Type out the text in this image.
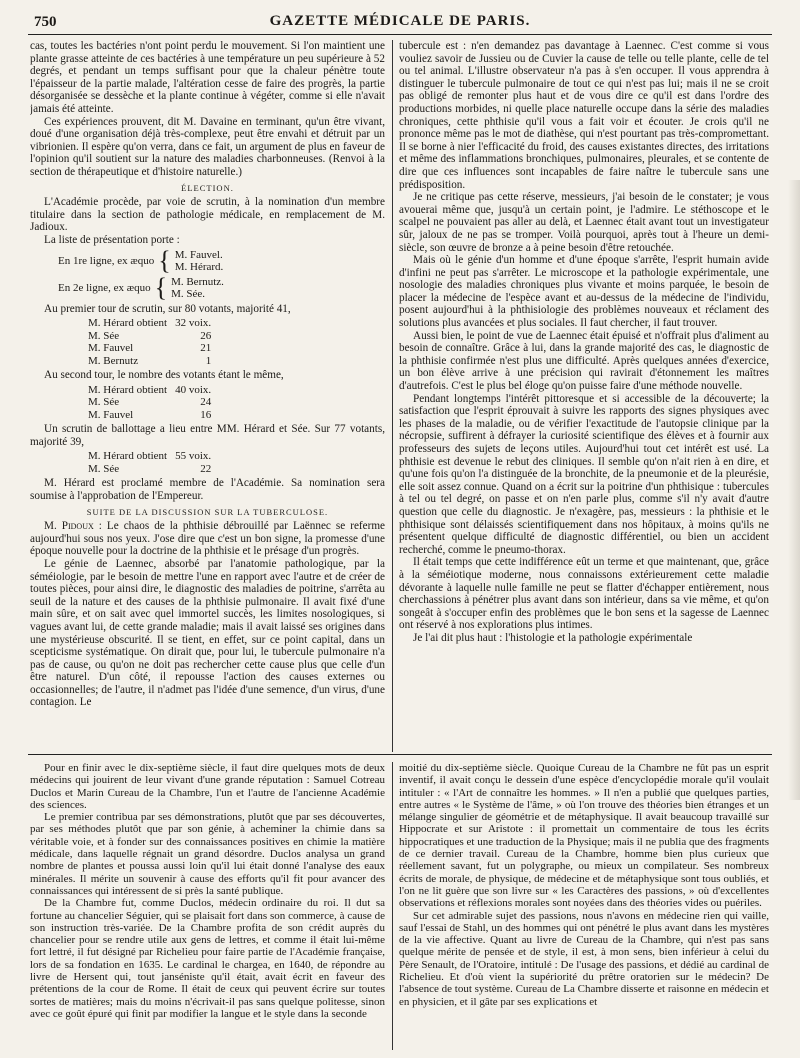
750	GAZETTE MÉDICALE DE PARIS.

cas, toutes les bactéries n'ont point perdu le mouvement. Si l'on maintient une plante grasse atteinte de ces bactéries à une température un peu supérieure à 52 degrés, et pendant un temps suffisant pour que la chaleur pénètre toute l'épaisseur de la partie malade, l'altération cesse de faire des progrès, la partie désorganisée se dessèche et la plante continue à végéter, comme si elle n'avait jamais été atteinte.

Ces expériences prouvent, dit M. Davaine en terminant, qu'un être vivant, doué d'une organisation déjà très-complexe, peut être envahi et détruit par un vibrionien. Il espère qu'on verra, dans ce fait, un argument de plus en faveur de l'opinion qu'il soutient sur la nature des maladies charbonneuses. (Renvoi à la section de thérapeutique et d'histoire naturelle.)

ÉLECTION.

L'Académie procède, par voie de scrutin, à la nomination d'un membre titulaire dans la section de pathologie médicale, en remplacement de M. Jadioux.

La liste de présentation porte :

En 1re ligne, ex æquo { M. Fauvel.
M. Hérard.
En 2e ligne, ex æquo { M. Bernutz.
M. Sée.

Au premier tour de scrutin, sur 80 votants, majorité 41,

M. Hérard obtient	32 voix.
M. Sée	26
M. Fauvel	21
M. Bernutz	1

Au second tour, le nombre des votants étant le même,

M. Hérard obtient	40 voix.
M. Sée	24
M. Fauvel	16

Un scrutin de ballottage a lieu entre MM. Hérard et Sée. Sur 77 votants, majorité 39,

M. Hérard obtient	55 voix.
M. Sée	22

M. Hérard est proclamé membre de l'Académie. Sa nomination sera soumise à l'approbation de l'Empereur.

SUITE DE LA DISCUSSION SUR LA TUBERCULOSE.

M. Pidoux : Le chaos de la phthisie débrouillé par Laënnec se referme aujourd'hui sous nos yeux. J'ose dire que c'est un bon signe, la promesse d'une époque nouvelle pour la doctrine de la phthisie et le présage d'un progrès.

Le génie de Laennec, absorbé par l'anatomie pathologique, par la séméiologie, par le besoin de mettre l'une en rapport avec l'autre et de créer de toutes pièces, pour ainsi dire, le diagnostic des maladies de poitrine, s'arrêta au seuil de la nature et des causes de la phthisie pulmonaire. Il avait fixé d'une main sûre, et on sait avec quel immortel succès, les limites nosologiques, si vagues avant lui, de cette grande maladie; mais il avait laissé ses origines dans une mystérieuse obscurité. Il se tient, en effet, sur ce point capital, dans un scepticisme systématique. On dirait que, pour lui, le tubercule pulmonaire n'a pas de cause, ou qu'on ne doit pas rechercher cette cause plus que celle d'un être naturel. D'un côté, il repousse l'action des causes externes ou occasionnelles; de l'autre, il n'admet pas l'idée d'une semence, d'un virus, d'une contagion. Le

tubercule est : n'en demandez pas davantage à Laennec. C'est comme si vous vouliez savoir de Jussieu ou de Cuvier la cause de telle ou telle plante, celle de tel ou tel animal. L'illustre observateur n'a pas à s'en occuper. Il vous apprendra à distinguer le tubercule pulmonaire de tout ce qui n'est pas lui; mais il ne se croit pas obligé de remonter plus haut et de vous dire ce qu'il est dans l'ordre des productions morbides, ni quelle place naturelle occupe dans la série des maladies chroniques, cette phthisie qu'il vous a fait voir et écouter. Je crois qu'il ne prononce même pas le mot de diathèse, qui n'est pourtant pas très-compromettant. Il se borne à nier l'efficacité du froid, des causes existantes directes, des irritations et même des inflammations bronchiques, pulmonaires, pleurales, et se contente de dire que ces influences sont incapables de faire naître le tubercule sans une prédisposition.

Je ne critique pas cette réserve, messieurs, j'ai besoin de le constater; je vous avouerai même que, jusqu'à un certain point, je l'admire. Le stéthoscope et le scalpel ne pouvaient pas aller au delà, et Laennec était avant tout un investigateur sûr, jaloux de ne pas se tromper. Voilà pourquoi, après tout à l'heure un demi-siècle, son œuvre de bronze a à peine besoin d'être retouchée.

Mais où le génie d'un homme et d'une époque s'arrête, l'esprit humain avide d'infini ne peut pas s'arrêter. Le microscope et la pathologie expérimentale, une nosologie des maladies chroniques plus vivante et moins parquée, le besoin de placer la médecine de l'espèce avant et au-dessus de la médecine de l'individu, posent aujourd'hui à la phthisiologie des problèmes nouveaux et réclament des solutions plus avancées et plus sociales. Il faut chercher, il faut trouver.

Aussi bien, le point de vue de Laennec était épuisé et n'offrait plus d'aliment au besoin de connaître. Grâce à lui, dans la grande majorité des cas, le diagnostic de la phthisie confirmée n'est plus une difficulté. Après quelques années d'exercice, un bon élève arrive à une précision qui ravirait d'étonnement les maîtres d'autrefois. C'est le plus bel éloge qu'on puisse faire d'une méthode nouvelle.

Pendant longtemps l'intérêt pittoresque et si accessible de la découverte; la satisfaction que l'esprit éprouvait à suivre les rapports des signes physiques avec les phases de la maladie, ou de vérifier l'exactitude de l'autopsie clinique par la nécropsie, suffirent à défrayer la curiosité scientifique des élèves et à fournir aux professeurs des sujets de leçons utiles. Aujourd'hui tout cet intérêt est usé. La phthisie est devenue le rebut des cliniques. Il semble qu'on n'ait rien à en dire, et qu'une fois qu'on l'a distinguée de la bronchite, de la pneumonie et de la pleurésie, elle soit assez connue. Quand on a écrit sur la poitrine d'un phthisique : tubercules à tel ou tel degré, on passe et on n'en parle plus, comme s'il n'y avait d'autre question que celle du diagnostic. Je n'exagère, pas, messieurs : la phthisie et le phthisique sont délaissés scientifiquement dans nos hôpitaux, à moins qu'ils ne présentent quelque difficulté de diagnostic différentiel, ou bien un accident recherché, comme le pneumo-thorax.

Il était temps que cette indifférence eût un terme et que maintenant, que, grâce à la séméiotique moderne, nous connaissons extérieurement cette maladie dévorante à laquelle nulle famille ne peut se flatter d'échapper entièrement, nous cherchassions à pénétrer plus avant dans son intérieur, dans sa vie même, et qu'on songeât à s'occuper enfin des problèmes que le bon sens et la sagesse de Laennec ont réservé à nos explorations plus intimes.

Je l'ai dit plus haut : l'histologie et la pathologie expérimentale

Pour en finir avec le dix-septième siècle, il faut dire quelques mots de deux médecins qui jouirent de leur vivant d'une grande réputation : Samuel Cotreau Duclos et Marin Cureau de la Chambre, l'un et l'autre de l'ancienne Académie des sciences.

Le premier contribua par ses démonstrations, plutôt que par ses découvertes, par ses méthodes plutôt que par son génie, à acheminer la chimie dans sa véritable voie, et à fonder sur des connaissances positives en chimie la matière médicale, dans laquelle régnait un grand désordre. Duclos analysa un grand nombre de plantes et poussa aussi loin qu'il lui était donné l'analyse des eaux minérales. Il mérite un souvenir à cause des efforts qu'il fit pour avancer des connaissances qui intéressent de si près la santé publique.

De la Chambre fut, comme Duclos, médecin ordinaire du roi. Il dut sa fortune au chancelier Séguier, qui se plaisait fort dans son commerce, à cause de son instruction très-variée. De la Chambre profita de son crédit auprès du chancelier pour se rendre utile aux gens de lettres, et comme il était lui-même fort lettré, il fut désigné par Richelieu pour faire partie de l'Académie française, lors de sa fondation en 1635. Le cardinal le chargea, en 1640, de répondre au livre de Hersent qui, tout janséniste qu'il était, avait écrit en faveur des prétentions de la cour de Rome. Il était de ceux qui peuvent écrire sur toutes sortes de matières; mais du moins n'écrivait-il pas sans quelque politesse, sinon avec ce goût épuré qui finit par modifier la langue et le style dans la seconde

moitié du dix-septième siècle. Quoique Cureau de la Chambre ne fût pas un esprit inventif, il avait conçu le dessein d'une espèce d'encyclopédie morale qu'il voulait intituler : « l'Art de connaître les hommes. » Il n'en a publié que quelques parties, entre autres « le Système de l'âme, » où l'on trouve des théories bien étranges et un mélange singulier de géométrie et de métaphysique. Il avait beaucoup travaillé sur Hippocrate et sur Aristote : il promettait un commentaire de tous les écrits hippocratiques et une traduction de la Physique; mais il ne publia que des fragments de ce dernier travail. Cureau de la Chambre, homme bien plus curieux que réellement savant, fut un polygraphe, ou mieux un compilateur. Ses nombreux écrits de morale, de physique, de médecine et de métaphysique sont tous oubliés, et l'on ne lit guère que son livre sur « les Caractères des passions, » où d'excellentes observations et réflexions morales sont noyées dans des théories vides ou puériles.

Sur cet admirable sujet des passions, nous n'avons en médecine rien qui vaille, sauf l'essai de Stahl, un des hommes qui ont pénétré le plus avant dans les mystères de la vie affective. Quant au livre de Cureau de la Chambre, qui n'est pas sans quelque mérite de pensée et de style, il est, à mon sens, bien inférieur à celui du Père Senault, de l'Oratoire, intitulé : De l'usage des passions, et dédié au cardinal de Richelieu. Et d'où vient la supériorité du prêtre oratorien sur le médecin? De l'absence de tout système. Cureau de La Chambre disserte et raisonne en médecin et en physicien, et il gâte par ses explications et
